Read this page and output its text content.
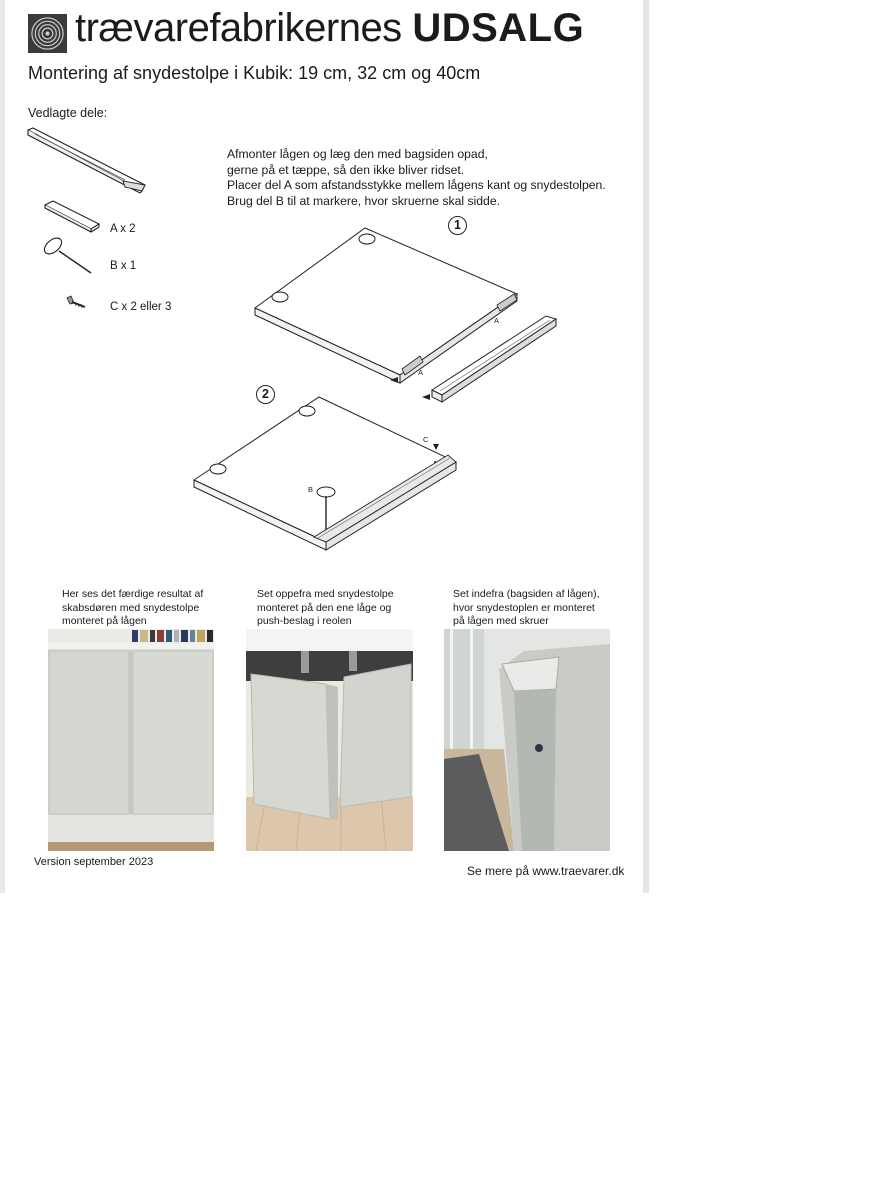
trævarefabrikernes UDSALG
Montering af snydestolpe i Kubik: 19 cm, 32 cm og 40cm
Vedlagte dele:
A x 2
B x 1
C x 2 eller 3
Afmonter lågen og læg den med bagsiden opad,
gerne på et tæppe, så den ikke bliver ridset.
Placer del A som afstandsstykke mellem lågens kant og snydestolpen.
Brug del B til at markere, hvor skruerne skal sidde.
1
A
A
2
B
C
Her ses det færdige resultat af
skabsdøren med snydestolpe
monteret på lågen
Set oppefra med snydestolpe
monteret på den ene låge og
push-beslag i reolen
Set indefra (bagsiden af lågen),
hvor snydestoplen er monteret
på lågen med skruer
Version september 2023
Se mere på www.traevarer.dk
